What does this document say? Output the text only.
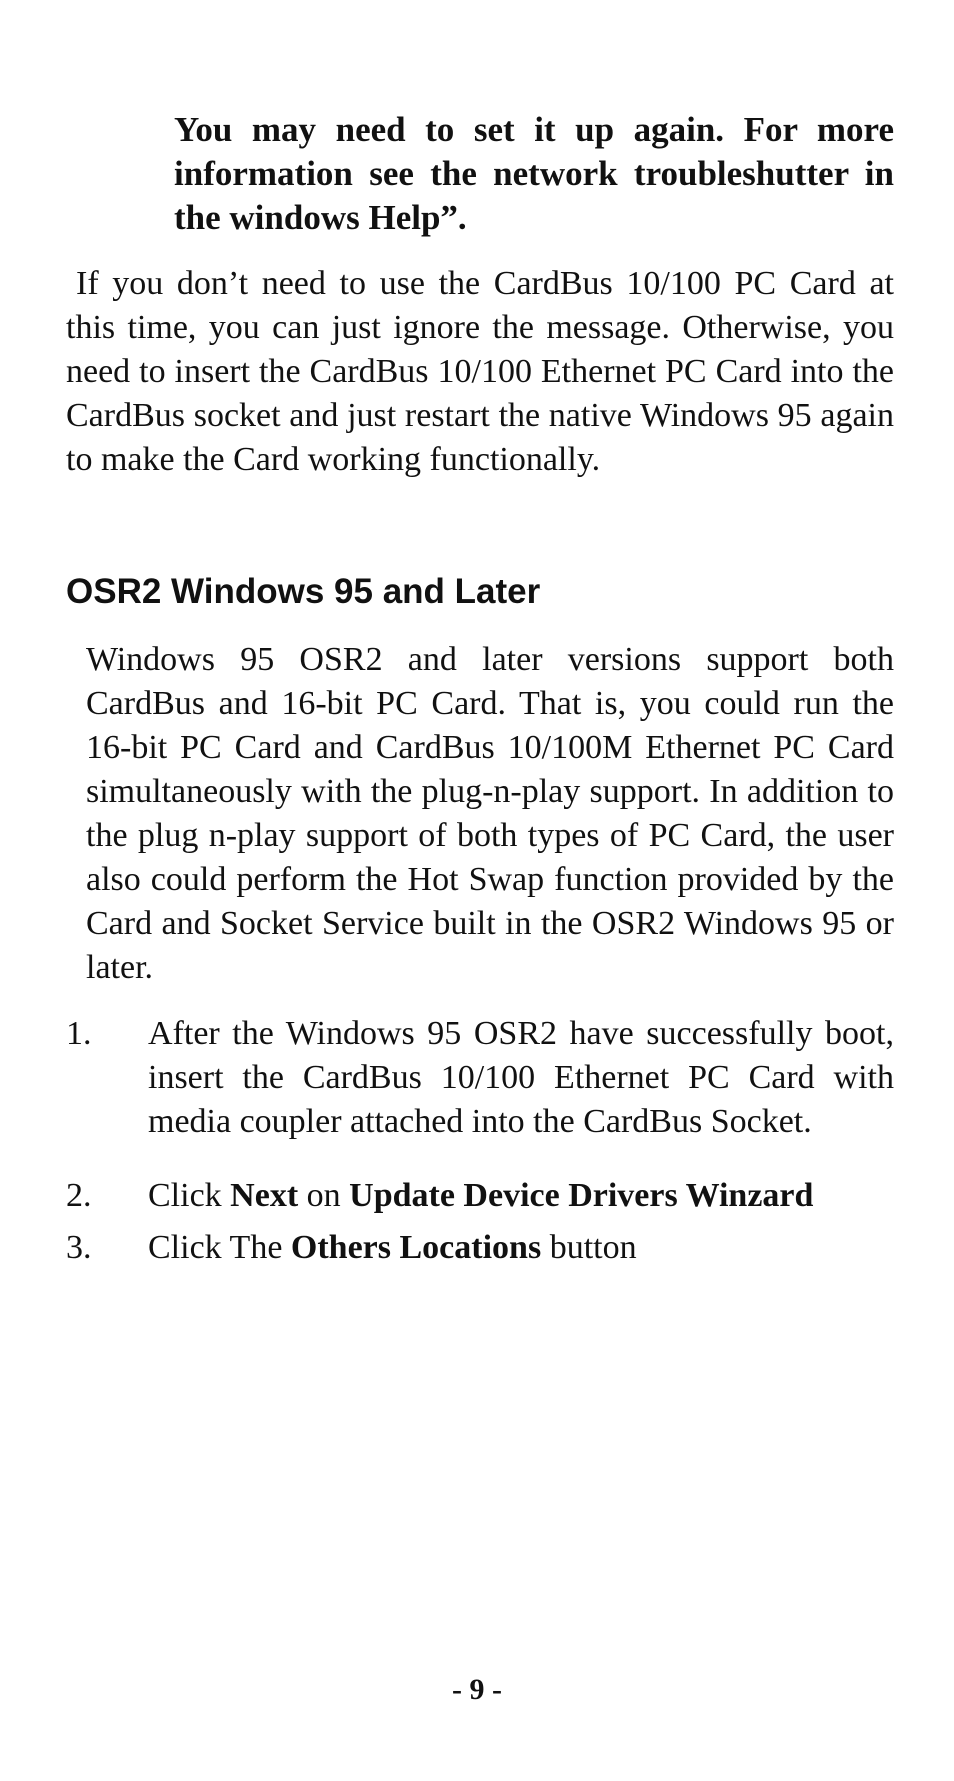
You may need to set it up again. For more information see the network troubleshutter in the windows Help”.
If you don’t need to use the CardBus 10/100 PC Card at this time, you can just ignore the message. Otherwise, you need to insert the CardBus 10/100 Ethernet PC Card into the CardBus socket and just restart the native Windows 95 again to make the Card working functionally.
OSR2 Windows 95 and Later
Windows 95 OSR2 and later versions support both CardBus and 16-bit PC Card. That is, you could run the 16-bit PC Card and CardBus 10/100M Ethernet PC Card simultaneously with the plug-n-play support. In addition to the plug n-play support of both types of PC Card, the user also could perform the Hot Swap function provided by the Card and Socket Service built in the OSR2 Windows 95 or later.
1. After the Windows 95 OSR2 have successfully boot, insert the CardBus 10/100 Ethernet PC Card with media coupler attached into the CardBus Socket.
2. Click Next on Update Device Drivers Winzard
3. Click The Others Locations button
- 9 -
